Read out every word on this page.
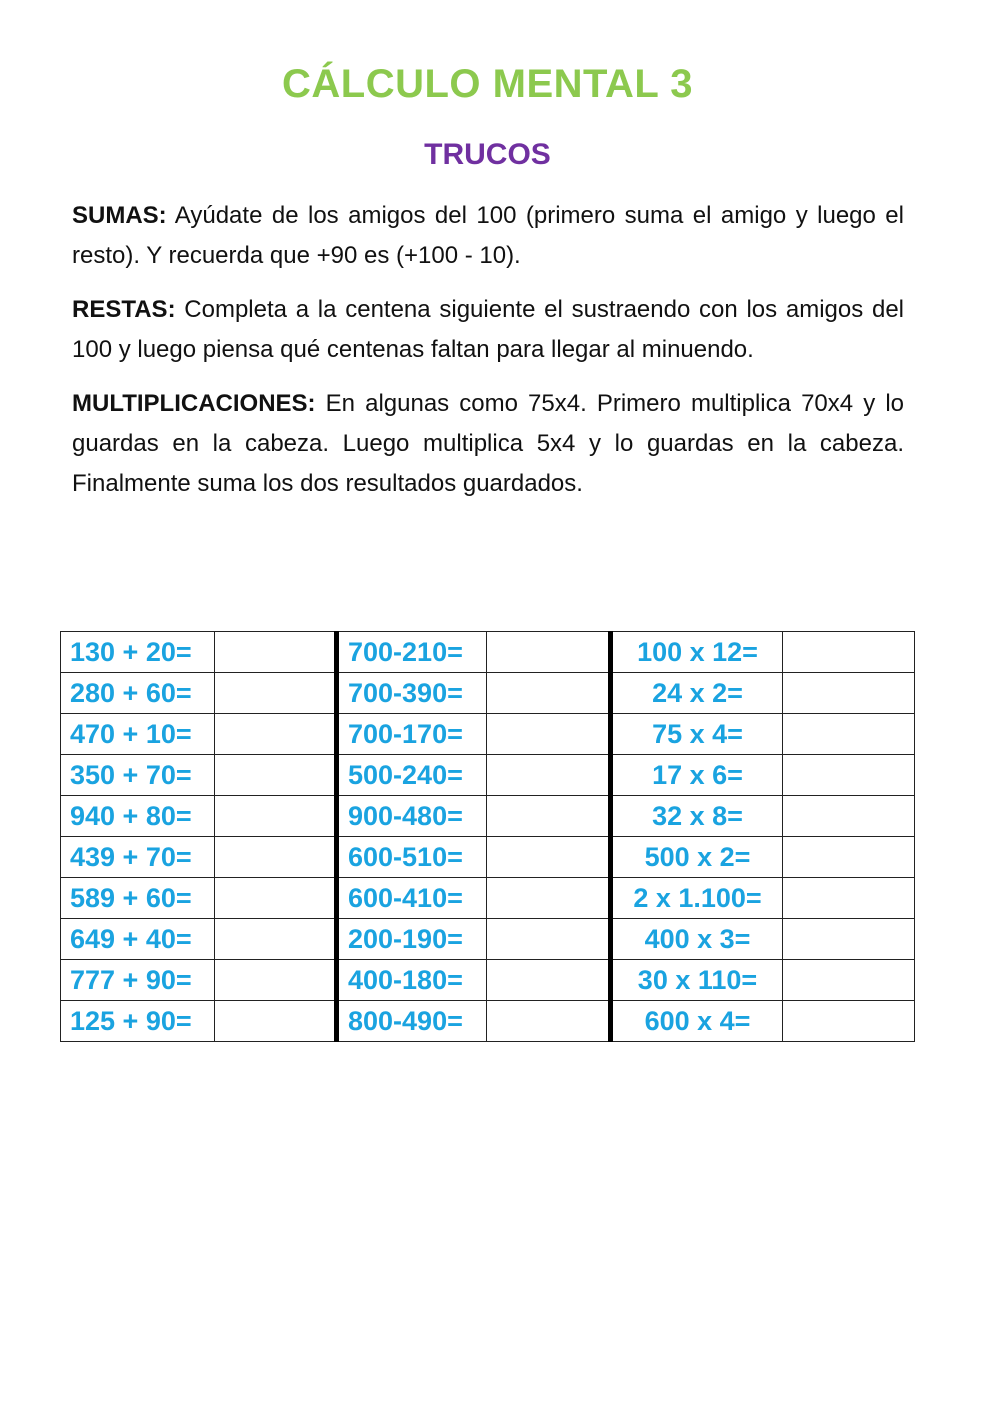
CÁLCULO MENTAL 3
TRUCOS

SUMAS: Ayúdate de los amigos del 100 (primero suma el amigo y luego el resto). Y recuerda que +90 es (+100 - 10).

RESTAS: Completa a la centena siguiente el sustraendo con los amigos del 100 y luego piensa qué centenas faltan para llegar al minuendo.

MULTIPLICACIONES: En algunas como 75x4. Primero multiplica 70x4 y lo guardas en la cabeza. Luego multiplica 5x4 y lo guardas en la cabeza. Finalmente suma los dos resultados guardados.

130 + 20=		700-210=		100 x 12=	
280 + 60=		700-390=		24 x 2=	
470 + 10=		700-170=		75 x 4=	
350 + 70=		500-240=		17 x 6=	
940 + 80=		900-480=		32 x 8=	
439 + 70=		600-510=		500 x 2=	
589 + 60=		600-410=		2 x 1.100=	
649 + 40=		200-190=		400 x 3=	
777 + 90=		400-180=		30 x 110=	
125 + 90=		800-490=		600 x 4=	
